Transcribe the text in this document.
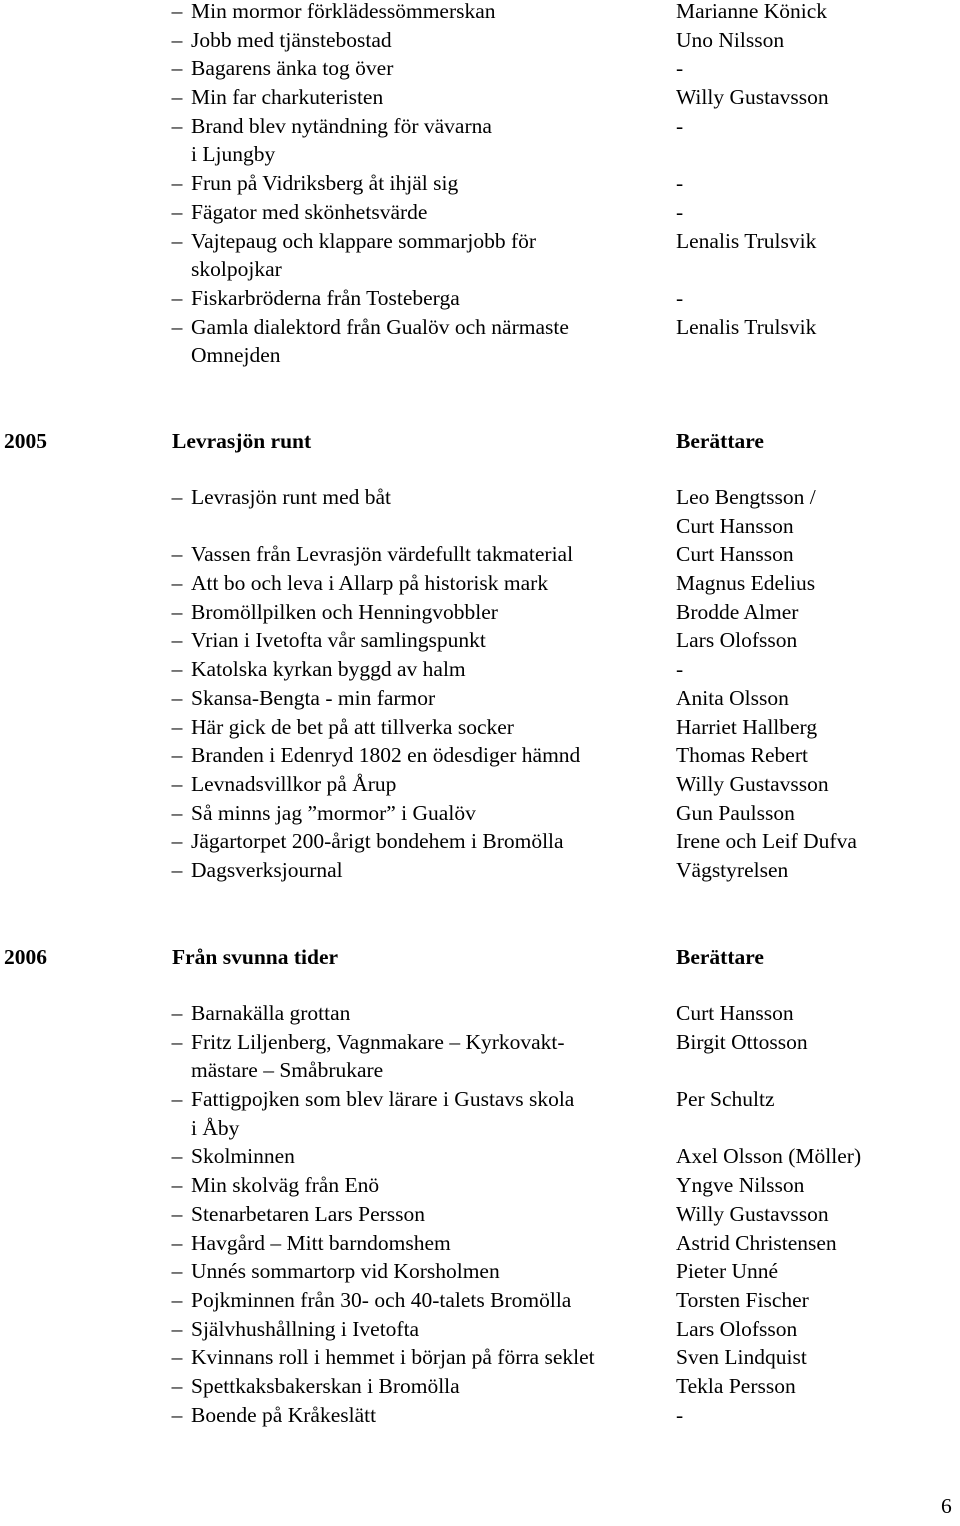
– Min mormor förklädessömmerskan	Marianne Könick
– Jobb med tjänstebostad	Uno Nilsson
– Bagarens änka tog över	-
– Min far charkuteristen	Willy Gustavsson
– Brand blev nytändning för vävarna	-
i Ljungby
– Frun på Vidriksberg åt ihjäl sig	-
– Fägator med skönhetsvärde	-
– Vajtepaug och klappare sommarjobb för	Lenalis Trulsvik
skolpojkar
– Fiskarbröderna från Tosteberga	-
– Gamla dialektord från Gualöv och närmaste	Lenalis Trulsvik
Omnejden
2005	Levrasjön runt	Berättare
– Levrasjön runt med båt	Leo Bengtsson /
Curt Hansson
– Vassen från Levrasjön värdefullt takmaterial	Curt Hansson
– Att bo och leva i Allarp på historisk mark	Magnus Edelius
– Bromöllpilken och Henningvobbler	Brodde Almer
– Vrian i Ivetofta vår samlingspunkt	Lars Olofsson
– Katolska kyrkan byggd av halm	-
– Skansa-Bengta - min farmor	Anita Olsson
– Här gick de bet på att tillverka socker	Harriet Hallberg
– Branden i Edenryd 1802 en ödesdiger hämnd	Thomas Rebert
– Levnadsvillkor på Årup	Willy Gustavsson
– Så minns jag ”mormor” i Gualöv	Gun Paulsson
– Jägartorpet 200-årigt bondehem i Bromölla	Irene och Leif Dufva
– Dagsverksjournal	Vägstyrelsen
2006	Från svunna tider	Berättare
– Barnakälla grottan	Curt Hansson
– Fritz Liljenberg, Vagnmakare – Kyrkovakt-	Birgit Ottosson
mästare – Småbrukare
– Fattigpojken som blev lärare i Gustavs skola	Per Schultz
i Åby
– Skolminnen	Axel Olsson (Möller)
– Min skolväg från Enö	Yngve Nilsson
– Stenarbetaren Lars Persson	Willy Gustavsson
– Havgård – Mitt barndomshem	Astrid Christensen
– Unnés sommartorp vid Korsholmen	Pieter Unné
– Pojkminnen från 30- och 40-talets Bromölla	Torsten Fischer
– Självhushållning i Ivetofta	Lars Olofsson
– Kvinnans roll i hemmet i början på förra seklet	Sven Lindquist
– Spettkaksbakerskan i Bromölla	Tekla Persson
– Boende på Kråkeslätt	-
6
